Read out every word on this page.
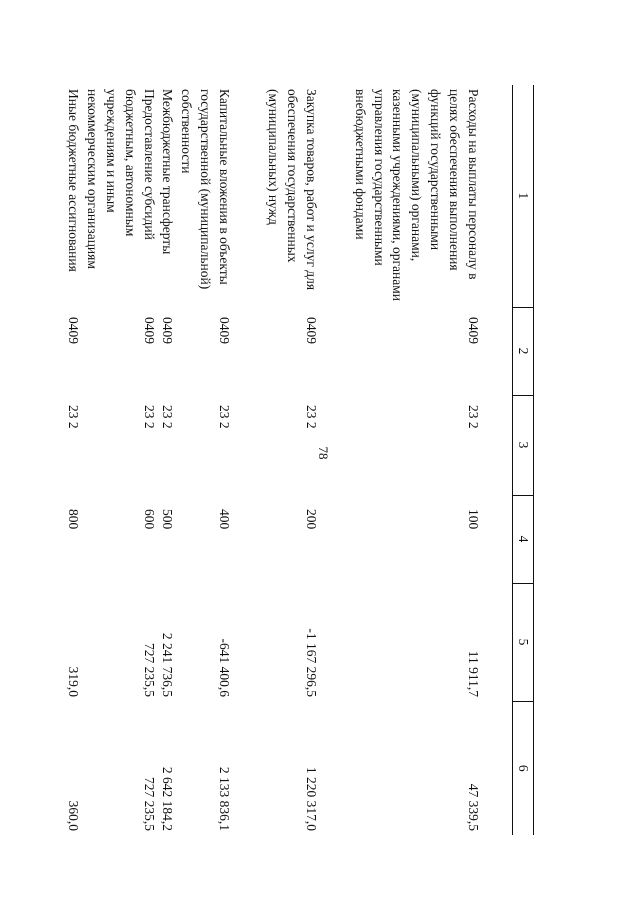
78
1	2	3	4	5	6

Расходы на выплаты персоналу в целях обеспечения выполнения функций государственными (муниципальными) органами, казенными учреждениями, органами управления государственными внебюджетными фондами	0409	23 2	100	11 911,7	47 339,5

Закупка товаров, работ и услуг для обеспечения государственных (муниципальных) нужд	0409	23 2	200	-1 167 296,5	1 220 317,0

Капитальные вложения в объекты государственной (муниципальной) собственности	0409	23 2	400	-641 400,6	2 133 836,1
Межбюджетные трансферты	0409	23 2	500	2 241 736,5	2 642 184,2
Предоставление субсидий бюджетным, автономным учреждениям и иным некоммерческим организациям	0409	23 2	600	727 235,5	727 235,5
Иные бюджетные ассигнования	0409	23 2	800	319,0	360,0
